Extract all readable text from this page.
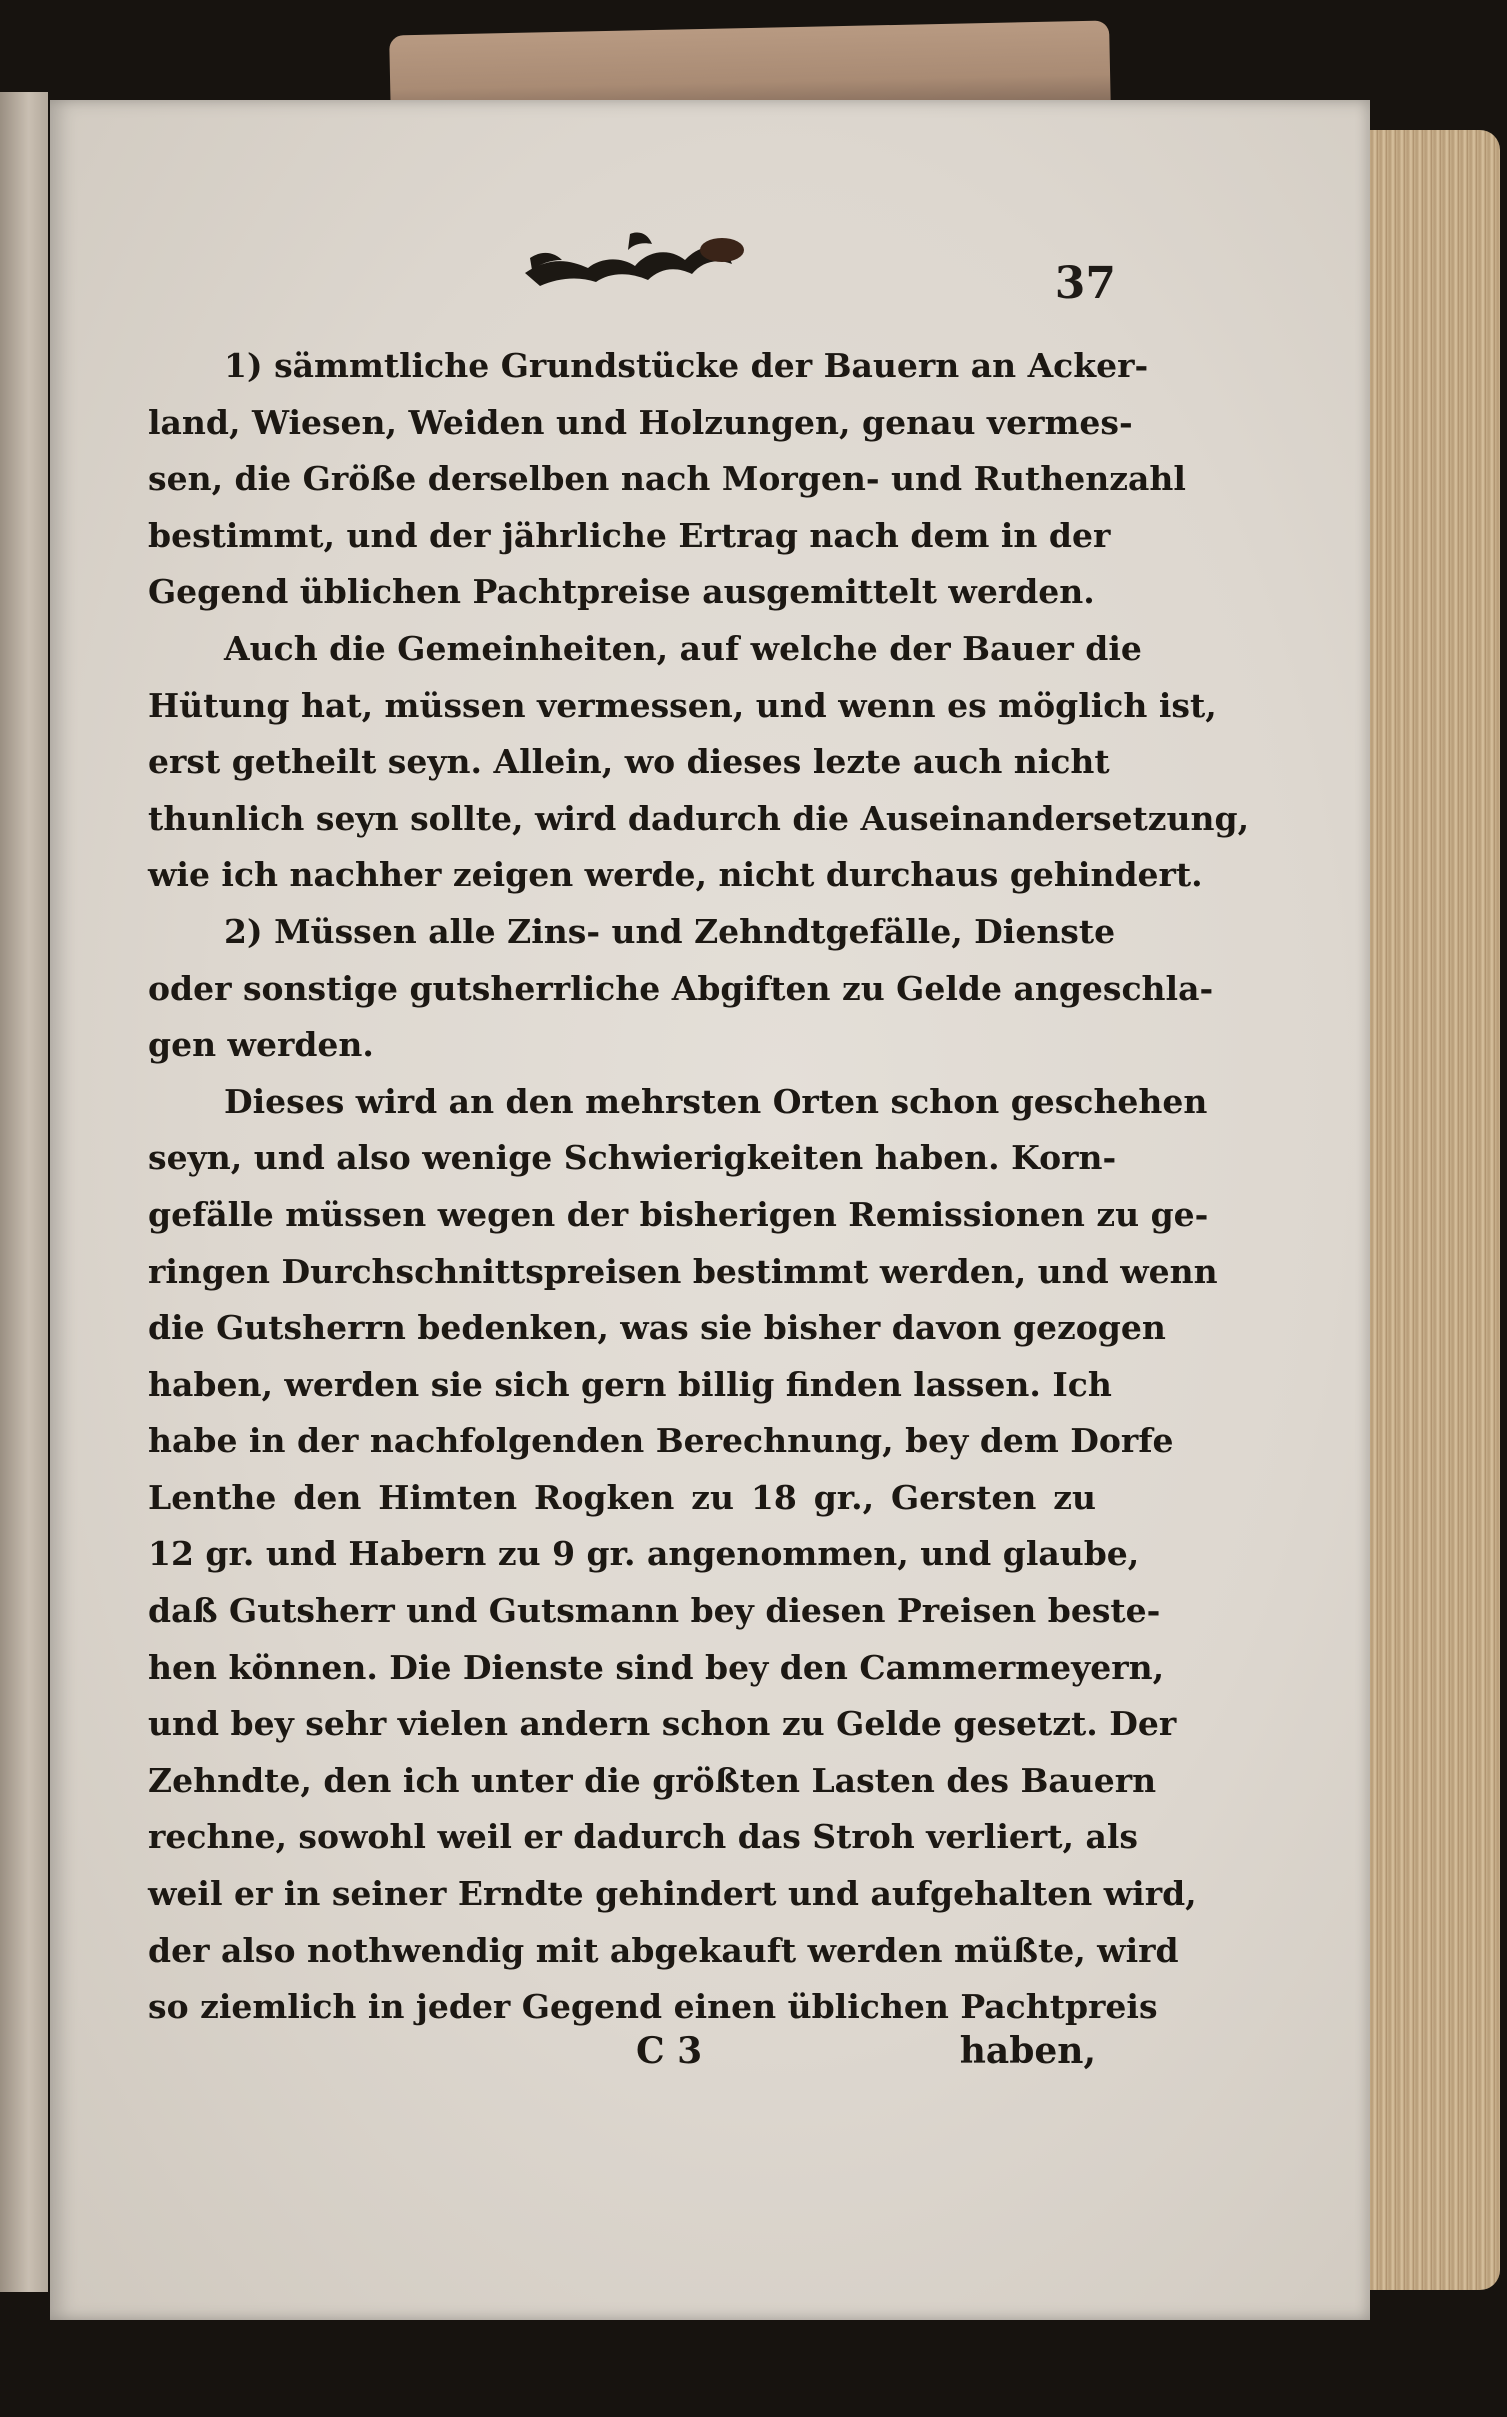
37
1) sämmtliche Grundstücke der Bauern an Acker-
land, Wiesen, Weiden und Holzungen, genau vermes-
sen, die Größe derselben nach Morgen- und Ruthenzahl
bestimmt, und der jährliche Ertrag nach dem in der
Gegend üblichen Pachtpreise ausgemittelt werden.
Auch die Gemeinheiten, auf welche der Bauer die
Hütung hat, müssen vermessen, und wenn es möglich ist,
erst getheilt seyn. Allein, wo dieses lezte auch nicht
thunlich seyn sollte, wird dadurch die Auseinandersetzung,
wie ich nachher zeigen werde, nicht durchaus gehindert.
2) Müssen alle Zins- und Zehndtgefälle, Dienste
oder sonstige gutsherrliche Abgiften zu Gelde angeschla-
gen werden.
Dieses wird an den mehrsten Orten schon geschehen
seyn, und also wenige Schwierigkeiten haben. Korn-
gefälle müssen wegen der bisherigen Remissionen zu ge-
ringen Durchschnittspreisen bestimmt werden, und wenn
die Gutsherrn bedenken, was sie bisher davon gezogen
haben, werden sie sich gern billig finden lassen. Ich
habe in der nachfolgenden Berechnung, bey dem Dorfe
Lenthe den Himten Rogken zu 18 gr., Gersten zu
12 gr. und Habern zu 9 gr. angenommen, und glaube,
daß Gutsherr und Gutsmann bey diesen Preisen beste-
hen können. Die Dienste sind bey den Cammermeyern,
und bey sehr vielen andern schon zu Gelde gesetzt. Der
Zehndte, den ich unter die größten Lasten des Bauern
rechne, sowohl weil er dadurch das Stroh verliert, als
weil er in seiner Erndte gehindert und aufgehalten wird,
der also nothwendig mit abgekauft werden müßte, wird
so ziemlich in jeder Gegend einen üblichen Pachtpreis
C 3	haben,
